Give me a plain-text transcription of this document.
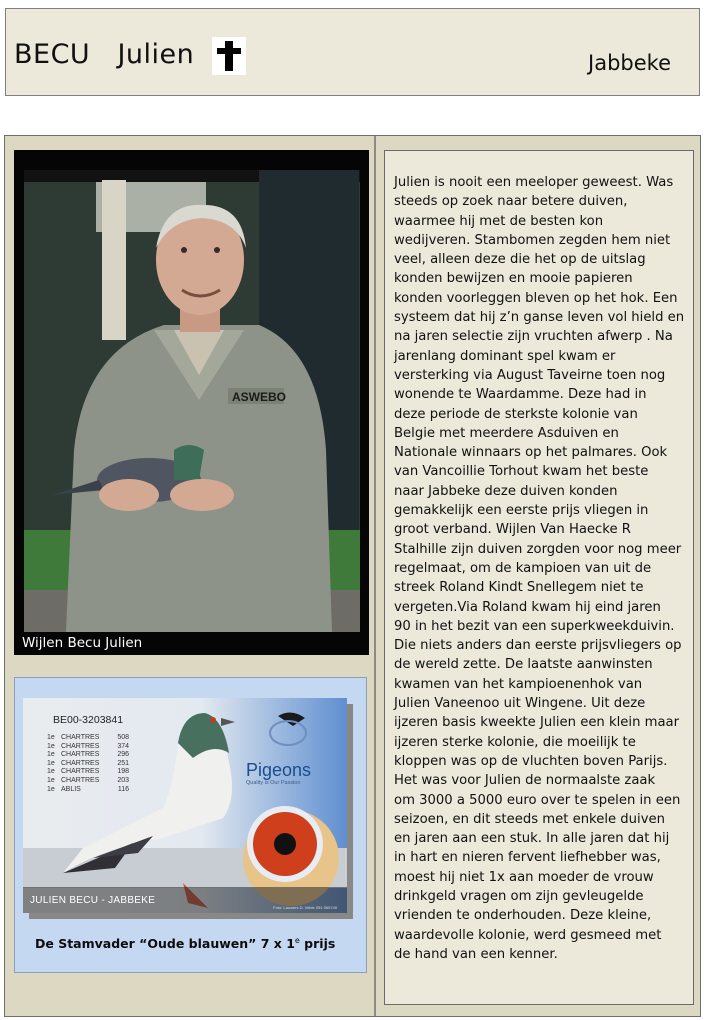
BECU   Julien	Jabbeke
ASWEBO
Wijlen Becu Julien
BE00-3203841
1e CHARTRES	508
1e CHARTRES	374
1e CHARTRES	296
1e CHARTRES	251
1e CHARTRES	198
1e CHARTRES	203
1e ABLIS	116
Pigeons
Quality is Our Passion
JULIEN BECU - JABBEKE
Foto: Lauwers D. Velde 051 565745
De Stamvader “Oude blauwen” 7 x 1e prijs
Julien is nooit een meeloper geweest. Was
steeds op zoek naar betere duiven,
waarmee hij met de besten kon
wedijveren. Stambomen zegden hem niet
veel, alleen deze die het op de uitslag
konden bewijzen en mooie papieren
konden voorleggen bleven op het hok. Een
systeem dat hij z’n ganse leven vol hield en
na jaren selectie zijn vruchten afwerp . Na
jarenlang dominant spel kwam er
versterking via August Taveirne toen nog
wonende te Waardamme. Deze had in
deze periode de sterkste kolonie van
Belgie met meerdere Asduiven en
Nationale winnaars op het palmares. Ook
van Vancoillie Torhout kwam het beste
naar Jabbeke deze duiven konden
gemakkelijk een eerste prijs vliegen in
groot verband. Wijlen Van Haecke R
Stalhille zijn duiven zorgden voor nog meer
regelmaat, om de kampioen van uit de
streek Roland Kindt Snellegem niet te
vergeten.Via Roland kwam hij eind jaren
90 in het bezit van een superkweekduivin.
Die niets anders dan eerste prijsvliegers op
de wereld zette. De laatste aanwinsten
kwamen van het kampioenenhok van
Julien Vaneenoo uit Wingene. Uit deze
ijzeren basis kweekte Julien een klein maar
ijzeren sterke kolonie, die moeilijk te
kloppen was op de vluchten boven Parijs.
Het was voor Julien de normaalste zaak
om 3000 a 5000 euro over te spelen in een
seizoen, en dit steeds met enkele duiven
en jaren aan een stuk. In alle jaren dat hij
in hart en nieren fervent liefhebber was,
moest hij niet 1x aan moeder de vrouw
drinkgeld vragen om zijn gevleugelde
vrienden te onderhouden. Deze kleine,
waardevolle kolonie, werd gesmeed met
de hand van een kenner.
